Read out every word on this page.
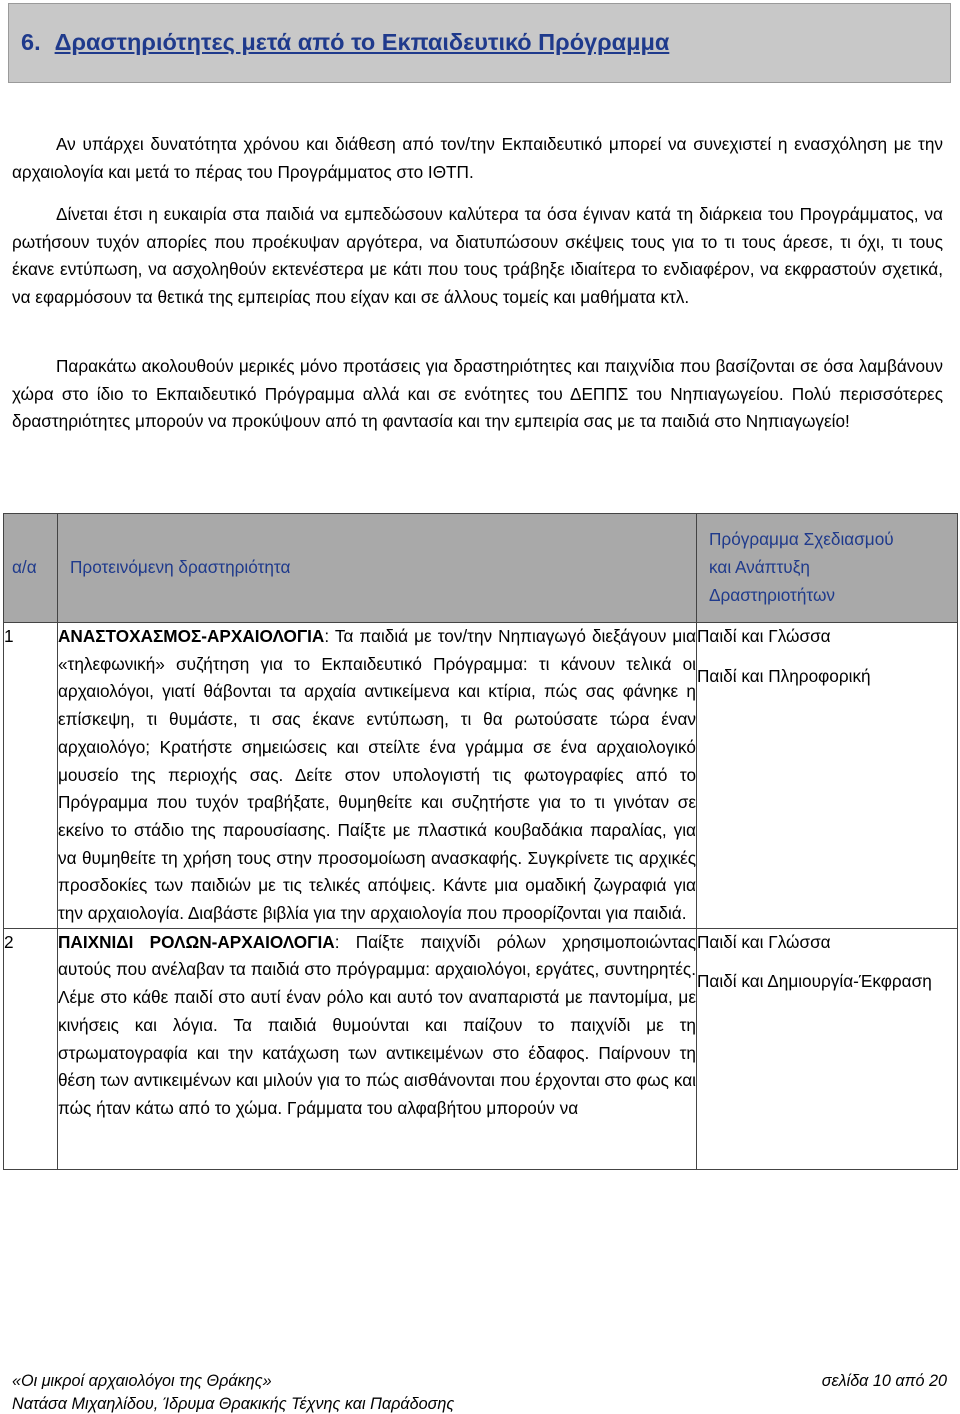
6. Δραστηριότητες μετά από το Εκπαιδευτικό Πρόγραμμα

Αν υπάρχει δυνατότητα χρόνου και διάθεση από τον/την Εκπαιδευτικό μπορεί να συνεχιστεί η ενασχόληση με την αρχαιολογία και μετά το πέρας του Προγράμματος στο ΙΘΤΠ.

Δίνεται έτσι η ευκαιρία στα παιδιά να εμπεδώσουν καλύτερα τα όσα έγιναν κατά τη διάρκεια του Προγράμματος, να ρωτήσουν τυχόν απορίες που προέκυψαν αργότερα, να διατυπώσουν σκέψεις τους για το τι τους άρεσε, τι όχι, τι τους έκανε εντύπωση, να ασχοληθούν εκτενέστερα με κάτι που τους τράβηξε ιδιαίτερα το ενδιαφέρον, να εκφραστούν σχετικά, να εφαρμόσουν τα θετικά της εμπειρίας που είχαν και σε άλλους τομείς και μαθήματα κτλ.

Παρακάτω ακολουθούν μερικές μόνο προτάσεις για δραστηριότητες και παιχνίδια που βασίζονται σε όσα λαμβάνουν χώρα στο ίδιο το Εκπαιδευτικό Πρόγραμμα αλλά και σε ενότητες του ΔΕΠΠΣ του Νηπιαγωγείου. Πολύ περισσότερες δραστηριότητες μπορούν να προκύψουν από τη φαντασία και την εμπειρία σας με τα παιδιά στο Νηπιαγωγείο!

α/α	Προτεινόμενη δραστηριότητα	Πρόγραμμα Σχεδιασμού
και Ανάπτυξη
Δραστηριοτήτων

1	ΑΝΑΣΤΟΧΑΣΜΟΣ-ΑΡΧΑΙΟΛΟΓΙΑ: Τα παιδιά με τον/την Νηπιαγωγό διεξάγουν μια «τηλεφωνική» συζήτηση για το Εκπαιδευτικό Πρόγραμμα: τι κάνουν τελικά οι αρχαιολόγοι, γιατί θάβονται τα αρχαία αντικείμενα και κτίρια, πώς σας φάνηκε η επίσκεψη, τι θυμάστε, τι σας έκανε εντύπωση, τι θα ρωτούσατε τώρα έναν αρχαιολόγο; Κρατήστε σημειώσεις και στείλτε ένα γράμμα σε ένα αρχαιολογικό μουσείο της περιοχής σας. Δείτε στον υπολογιστή τις φωτογραφίες από το Πρόγραμμα που τυχόν τραβήξατε, θυμηθείτε και συζητήστε για το τι γινόταν σε εκείνο το στάδιο της παρουσίασης. Παίξτε με πλαστικά κουβαδάκια παραλίας, για να θυμηθείτε τη χρήση τους στην προσομοίωση ανασκαφής. Συγκρίνετε τις αρχικές προσδοκίες των παιδιών με τις τελικές απόψεις. Κάντε μια ομαδική ζωγραφιά για την αρχαιολογία. Διαβάστε βιβλία για την αρχαιολογία που προορίζονται για παιδιά.	Παιδί και Γλώσσα
Παιδί και Πληροφορική

2	ΠΑΙΧΝΙΔΙ ΡΟΛΩΝ-ΑΡΧΑΙΟΛΟΓΙΑ: Παίξτε παιχνίδι ρόλων χρησιμοποιώντας αυτούς που ανέλαβαν τα παιδιά στο πρόγραμμα: αρχαιολόγοι, εργάτες, συντηρητές. Λέμε στο κάθε παιδί στο αυτί έναν ρόλο και αυτό τον αναπαριστά με παντομίμα, με κινήσεις και λόγια. Τα παιδιά θυμούνται και παίζουν το παιχνίδι με τη στρωματογραφία και την κατάχωση των αντικειμένων στο έδαφος. Παίρνουν τη θέση των αντικειμένων και μιλούν για το πώς αισθάνονται που έρχονται στο φως και πώς ήταν κάτω από το χώμα. Γράμματα του αλφαβήτου μπορούν να	Παιδί και Γλώσσα
Παιδί και Δημιουργία-Έκφραση
«Οι μικροί αρχαιολόγοι της Θράκης»	σελίδα 10 από 20
Νατάσα Μιχαηλίδου, Ίδρυμα Θρακικής Τέχνης και Παράδοσης
